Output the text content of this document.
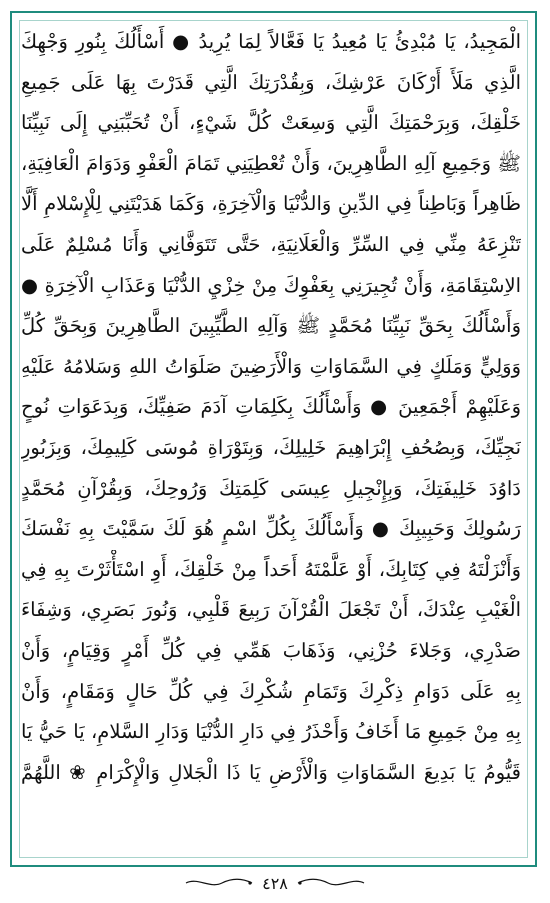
الْمَجِيدُ، يَا مُبْدِئُ يَا مُعِيدُ يَا فَعَّالاً لِمَا يُرِيدُ ● أَسْأَلُكَ بِنُورِ وَجْهِكَ
الَّذِي مَلَأَ أَرْكَانَ عَرْشِكَ، وَبِقُدْرَتِكَ الَّتِي قَدَرْتَ بِهَا عَلَى جَمِيعِ
خَلْقِكَ، وَبِرَحْمَتِكَ الَّتِي وَسِعَتْ كُلَّ شَيْءٍ، أَنْ تُحَبِّبَنِي إِلَى نَبِيِّنَا
ﷺ وَجَمِيعِ آلِهِ الطَّاهِرِينَ، وَأَنْ تُعْطِيَنِي تَمَامَ الْعَفْوِ وَدَوَامَ الْعَافِيَةِ،
ظَاهِراً وَبَاطِناً فِي الدِّينِ وَالدُّنْيَا وَالْآخِرَةِ، وَكَمَا هَدَيْتَنِي لِلْإِسْلامِ أَلَّا
تَنْزِعَهُ مِنِّي فِي السِّرِّ وَالْعَلَانِيَةِ، حَتَّى تَتَوَفَّانِي وَأَنَا مُسْلِمٌ عَلَى
الاِسْتِقَامَةِ، وَأَنْ تُجِيرَنِي بِعَفْوِكَ مِنْ خِزْيِ الدُّنْيَا وَعَذَابِ الْآخِرَةِ ●
وَأَسْأَلُكَ بِحَقِّ نَبِيِّنَا مُحَمَّدٍ ﷺ وَآلِهِ الطَّيِّبِينَ الطَّاهِرِينَ وَبِحَقِّ كُلِّ
وَوَلِيٍّ وَمَلَكٍ فِي السَّمَاوَاتِ وَالْأَرَضِينَ صَلَوَاتُ اللهِ وَسَلامُهُ عَلَيْهِ
وَعَلَيْهِمْ أَجْمَعِينَ ● وَأَسْأَلُكَ بِكَلِمَاتِ آدَمَ صَفِيِّكَ، وَبِدَعَوَاتِ نُوحٍ
نَجِيِّكَ، وَبِصُحُفِ إِبْرَاهِيمَ خَلِيلِكَ، وَبِتَوْرَاةِ مُوسَى كَلِيمِكَ، وَبِزَبُورِ
دَاوُدَ خَلِيفَتِكَ، وَبِإِنْجِيلِ عِيسَى كَلِمَتِكَ وَرُوحِكَ، وَبِقُرْآنِ مُحَمَّدٍ
رَسُولِكَ وَحَبِيبِكَ ● وَأَسْأَلُكَ بِكُلِّ اسْمٍ هُوَ لَكَ سَمَّيْتَ بِهِ نَفْسَكَ
وَأَنْزَلْتَهُ فِي كِتَابِكَ، أَوْ عَلَّمْتَهُ أَحَداً مِنْ خَلْقِكَ، أَوِ اسْتَأْثَرْتَ بِهِ فِي
الْغَيْبِ عِنْدَكَ، أَنْ تَجْعَلَ الْقُرْآنَ رَبِيعَ قَلْبِي، وَنُورَ بَصَرِي، وَشِفَاءَ
صَدْرِي، وَجَلاءَ حُزْنِي، وَذَهَابَ هَمِّي فِي كُلِّ أَمْرٍ وَقِيَامٍ، وَأَنْ
بِهِ عَلَى دَوَامِ ذِكْرِكَ وَتَمَامِ شُكْرِكَ فِي كُلِّ حَالٍ وَمَقَامٍ، وَأَنْ
بِهِ مِنْ جَمِيعِ مَا أَخَافُ وَأَحْذَرُ فِي دَارِ الدُّنْيَا وَدَارِ السَّلامِ، يَا حَيُّ يَا
قَيُّومُ يَا بَدِيعَ السَّمَاوَاتِ وَالْأَرْضِ يَا ذَا الْجَلالِ وَالْإِكْرَامِ ❀ اللَّهُمَّ
٤٢٨
